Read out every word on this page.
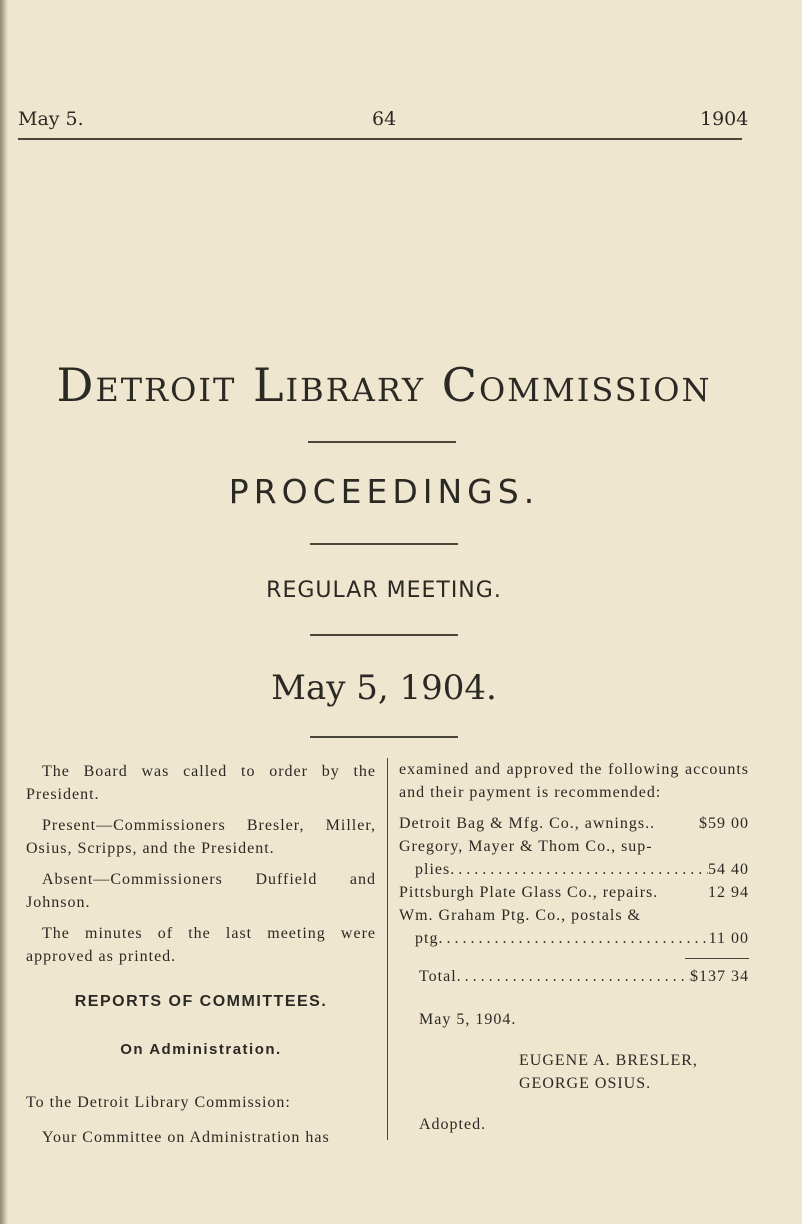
May 5.	64	1904
Detroit Library Commission
PROCEEDINGS.
REGULAR MEETING.
May 5, 1904.

The Board was called to order by the President.

Present—Commissioners Bresler, Miller, Osius, Scripps, and the President.

Absent—Commissioners Duffield and Johnson.

The minutes of the last meeting were approved as printed.

REPORTS OF COMMITTEES.
On Administration.

To the Detroit Library Commission:

Your Committee on Administration has

examined and approved the following accounts and their payment is recommended:

Detroit Bag & Mfg. Co., awnings..	$59 00
Gregory, Mayer & Thom Co., sup-
plies . . .	54 40
Pittsburgh Plate Glass Co., repairs.	12 94
Wm. Graham Ptg. Co., postals &
ptg . . .	11 00
Total . . .	$137 34
May 5, 1904.
EUGENE A. BRESLER,
GEORGE OSIUS.
Adopted.
